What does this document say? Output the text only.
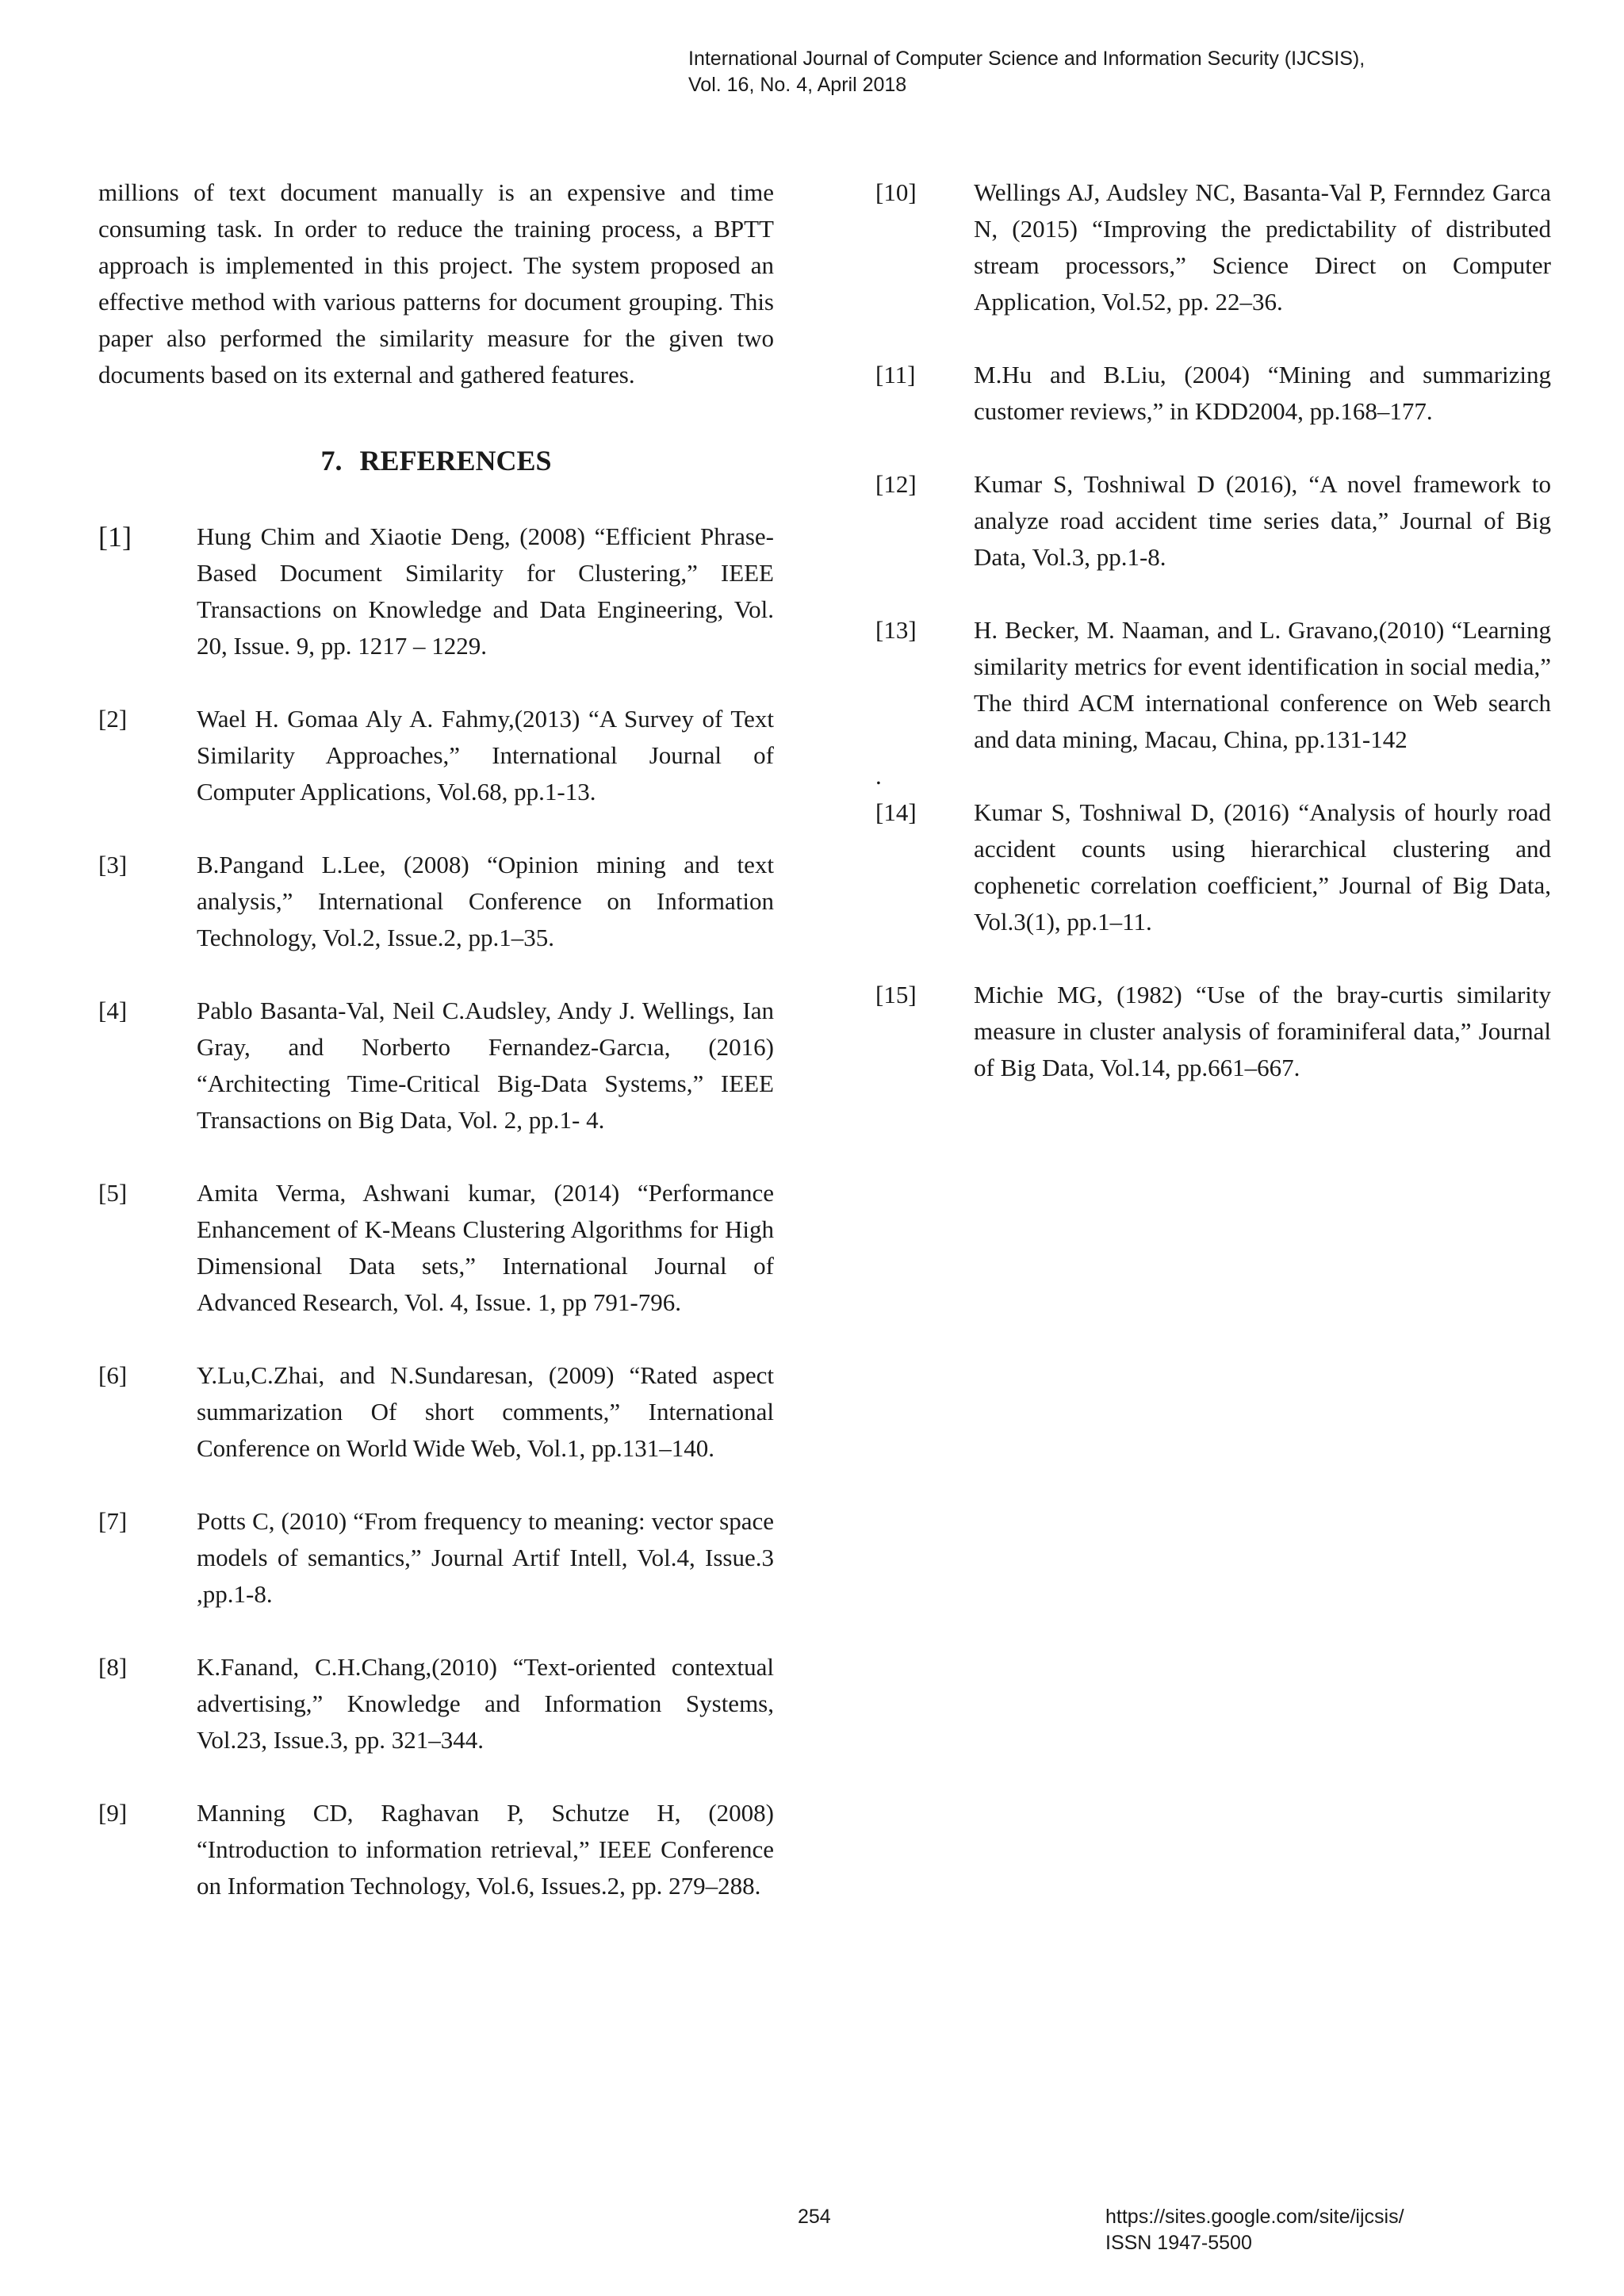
International Journal of Computer Science and Information Security (IJCSIS),
Vol. 16, No. 4, April 2018

millions of text document manually is an expensive and time consuming task. In order to reduce the training process, a BPTT approach is implemented in this project. The system proposed an effective method with various patterns for document grouping. This paper also performed the similarity measure for the given two documents based on its external and gathered features.

7. REFERENCES
[1]	Hung Chim and Xiaotie Deng, (2008) “Efficient Phrase-Based Document Similarity for Clustering,” IEEE Transactions on Knowledge and Data Engineering, Vol. 20, Issue. 9, pp. 1217 – 1229.
[2]	Wael H. Gomaa Aly A. Fahmy,(2013) “A Survey of Text Similarity Approaches,” International Journal of Computer Applications, Vol.68, pp.1-13.
[3]	B.Pangand L.Lee, (2008) “Opinion mining and text analysis,” International Conference on Information Technology, Vol.2, Issue.2, pp.1–35.
[4]	Pablo Basanta-Val, Neil C.Audsley, Andy J. Wellings, Ian Gray, and Norberto Fernandez-Garcıa, (2016) “Architecting Time-Critical Big-Data Systems,” IEEE Transactions on Big Data, Vol. 2, pp.1- 4.
[5]	Amita Verma, Ashwani kumar, (2014) “Performance Enhancement of K-Means Clustering Algorithms for High Dimensional Data sets,” International Journal of Advanced Research, Vol. 4, Issue. 1, pp 791-796.
[6]	Y.Lu,C.Zhai, and N.Sundaresan, (2009) “Rated aspect summarization Of short comments,” International Conference on World Wide Web, Vol.1, pp.131–140.
[7]	Potts C, (2010) “From frequency to meaning: vector space models of semantics,” Journal Artif Intell, Vol.4, Issue.3 ,pp.1-8.
[8]	K.Fanand, C.H.Chang,(2010) “Text-oriented contextual advertising,” Knowledge and Information Systems, Vol.23, Issue.3, pp. 321–344.
[9]	Manning CD, Raghavan P, Schutze H, (2008) “Introduction to information retrieval,” IEEE Conference on Information Technology, Vol.6, Issues.2, pp. 279–288.
[10]	Wellings AJ, Audsley NC, Basanta-Val P, Fernndez Garca N, (2015) “Improving the predictability of distributed stream processors,” Science Direct on Computer Application, Vol.52, pp. 22–36.
[11]	M.Hu and B.Liu, (2004) “Mining and summarizing customer reviews,” in KDD2004, pp.168–177.
[12]	Kumar S, Toshniwal D (2016), “A novel framework to analyze road accident time series data,” Journal of Big Data, Vol.3, pp.1-8.
[13]	H. Becker, M. Naaman, and L. Gravano,(2010) “Learning similarity metrics for event identification in social media,” The third ACM international conference on Web search and data mining, Macau, China, pp.131-142
.
[14]	Kumar S, Toshniwal D, (2016) “Analysis of hourly road accident counts using hierarchical clustering and cophenetic correlation coefficient,” Journal of Big Data, Vol.3(1), pp.1–11.
[15]	Michie MG, (1982) “Use of the bray-curtis similarity measure in cluster analysis of foraminiferal data,” Journal of Big Data, Vol.14, pp.661–667.
254	https://sites.google.com/site/ijcsis/
ISSN 1947-5500
